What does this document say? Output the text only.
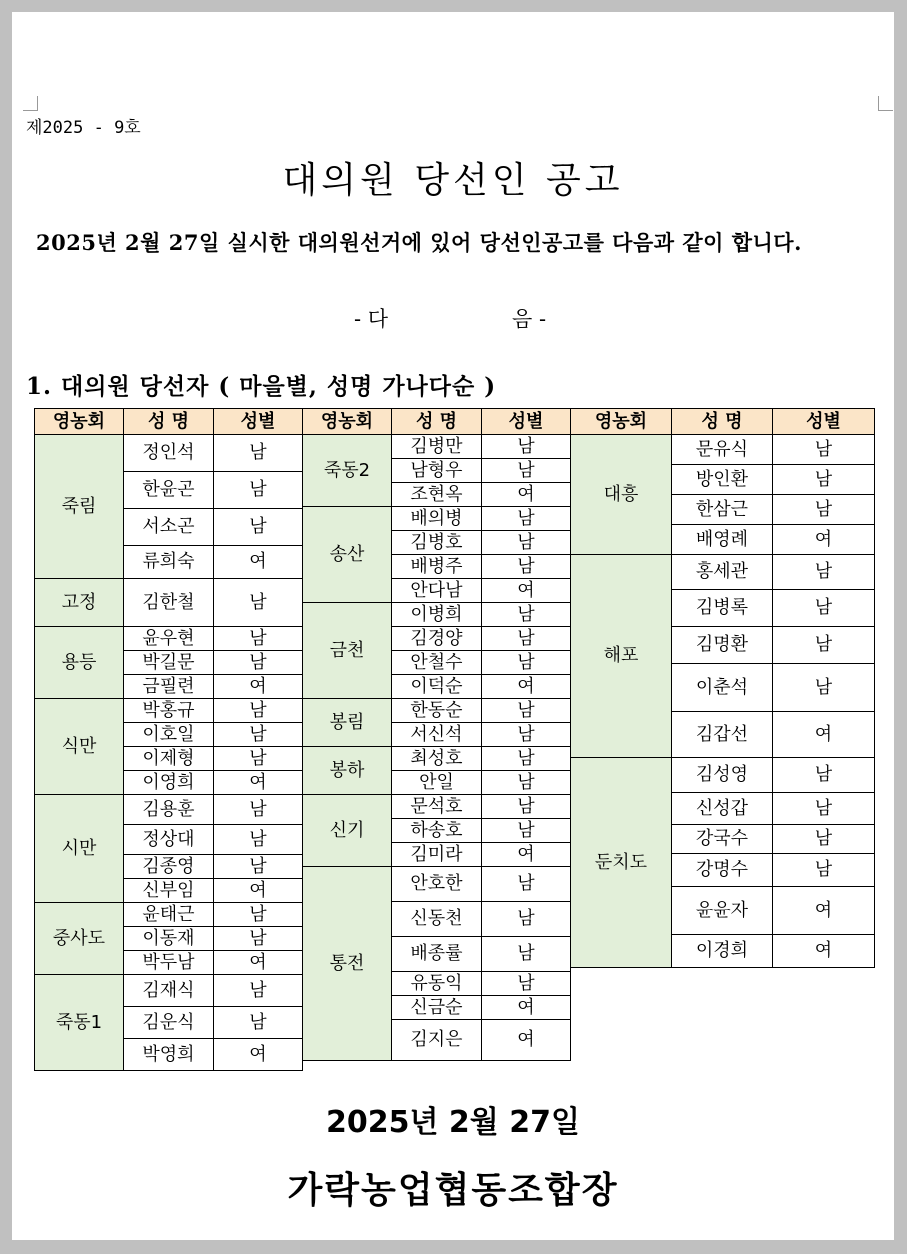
제2025 - 9호
대의원 당선인 공고
2025년 2월 27일 실시한 대의원선거에 있어 당선인공고를 다음과 같이 합니다.
- 다	음 -
1. 대의원 당선자 ( 마을별, 성명 가나다순 )
영농회	성 명	성별
죽림
정인석	남
한윤곤	남
서소곤	남
류희숙	여
고정	김한철	남
용등
윤우현	남
박길문	남
금필련	여
식만
박홍규	남
이호일	남
이제형	남
이영희	여
시만
김용훈	남
정상대	남
김종영	남
신부임	여
중사도
윤태근	남
이동재	남
박두남	여
죽동1
김재식	남
김운식	남
박영희	여
영농회	성 명	성별
죽동2
김병만	남
남형우	남
조현옥	여
송산
배의병	남
김병호	남
배병주	남
안다남	여
금천
이병희	남
김경양	남
안철수	남
이덕순	여
봉림
한동순	남
서신석	남
봉하
최성호	남
안일	남
신기
문석호	남
하송호	남
김미라	여
통전
안호한	남
신동천	남
배종률	남
유동익	남
신금순	여
김지은	여
영농회	성 명	성별
대흥
문유식	남
방인환	남
한삼근	남
배영례	여
해포
홍세관	남
김병록	남
김명환	남
이춘석	남
김갑선	여
둔치도
김성영	남
신성갑	남
강국수	남
강명수	남
윤윤자	여
이경희	여
2025년 2월 27일
가락농업협동조합장
